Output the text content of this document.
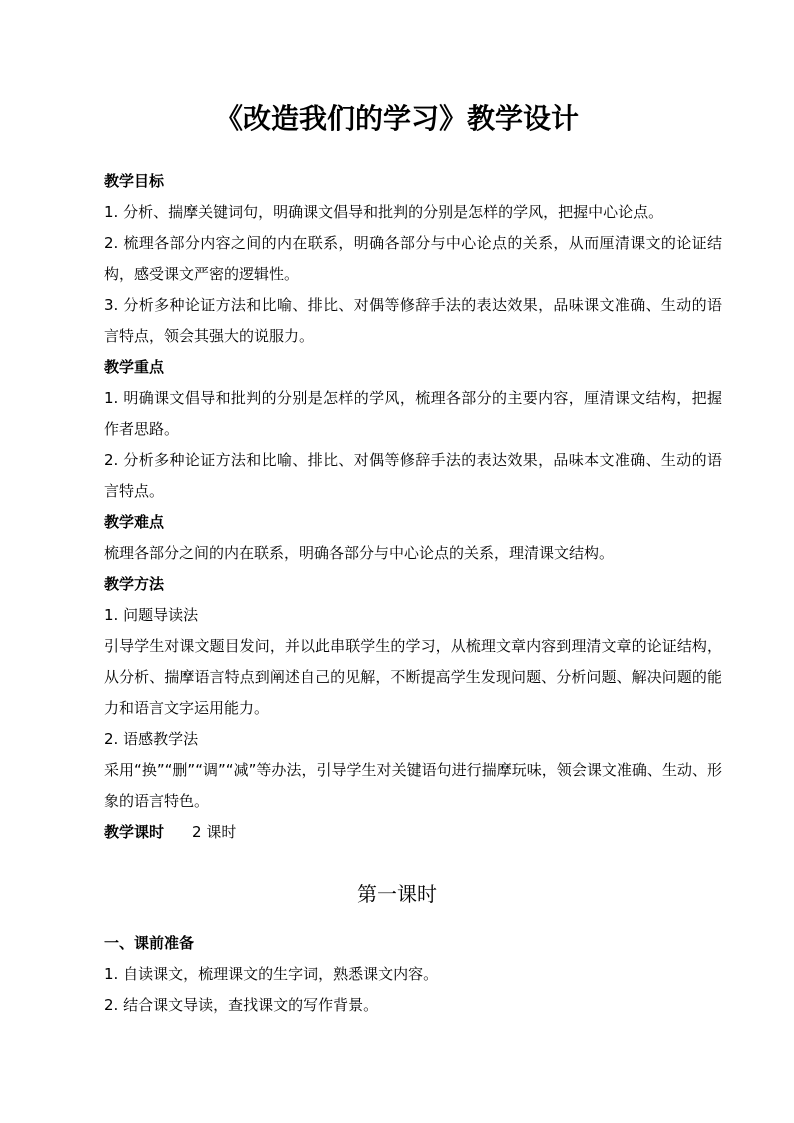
《改造我们的学习》教学设计

教学目标

1. 分析、揣摩关键词句，明确课文倡导和批判的分别是怎样的学风，把握中心论点。

2. 梳理各部分内容之间的内在联系，明确各部分与中心论点的关系，从而厘清课文的论证结构，感受课文严密的逻辑性。

3. 分析多种论证方法和比喻、排比、对偶等修辞手法的表达效果，品味课文准确、生动的语言特点，领会其强大的说服力。

教学重点

1. 明确课文倡导和批判的分别是怎样的学风，梳理各部分的主要内容，厘清课文结构，把握作者思路。

2. 分析多种论证方法和比喻、排比、对偶等修辞手法的表达效果，品味本文准确、生动的语言特点。

教学难点

梳理各部分之间的内在联系，明确各部分与中心论点的关系，理清课文结构。

教学方法

1. 问题导读法

引导学生对课文题目发问，并以此串联学生的学习，从梳理文章内容到理清文章的论证结构，从分析、揣摩语言特点到阐述自己的见解，不断提高学生发现问题、分析问题、解决问题的能力和语言文字运用能力。

2. 语感教学法

采用“换”“删”“调”“减”等办法，引导学生对关键语句进行揣摩玩味，领会课文准确、生动、形象的语言特色。

教学课时 2 课时

第一课时

一、课前准备

1. 自读课文，梳理课文的生字词，熟悉课文内容。

2. 结合课文导读，查找课文的写作背景。
